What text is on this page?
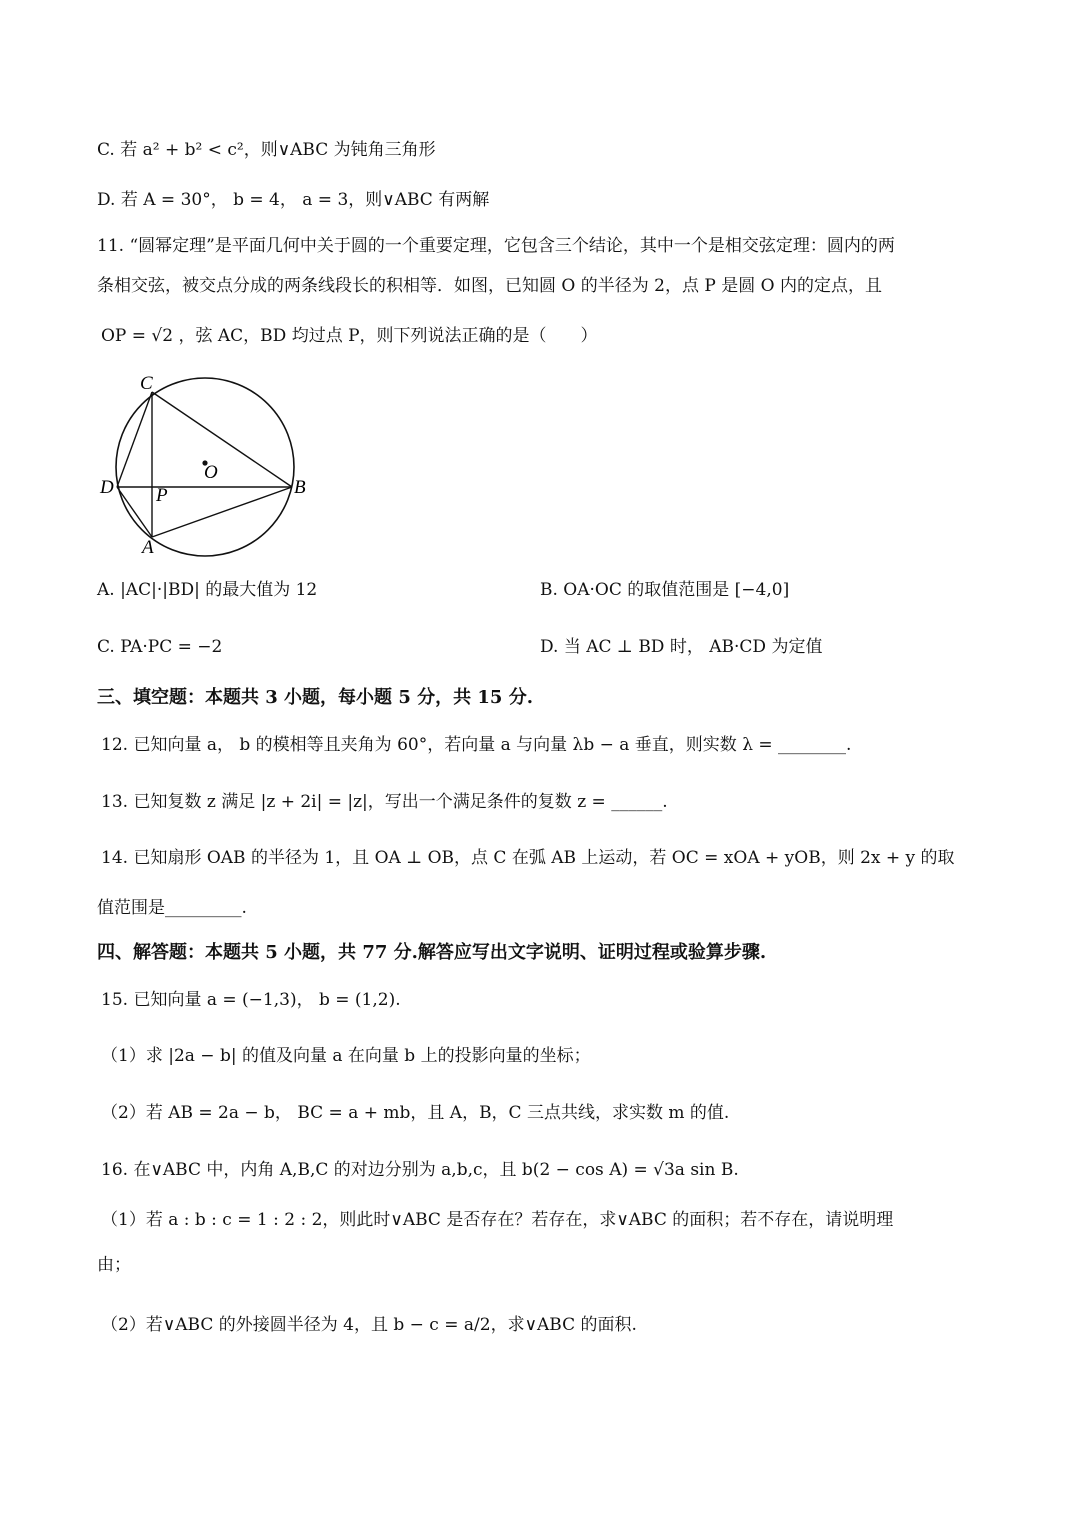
C. 若 a² + b² < c²，则∨ABC 为钝角三角形
D. 若 A = 30°， b = 4， a = 3，则∨ABC 有两解
11. “圆幂定理”是平面几何中关于圆的一个重要定理，它包含三个结论，其中一个是相交弦定理：圆内的两
条相交弦，被交点分成的两条线段长的积相等．如图，已知圆 O 的半径为 2，点 P 是圆 O 内的定点，且
OP = √2 ，弦 AC，BD 均过点 P，则下列说法正确的是（　　）
C
O
D P	B
A
A. |AC|·|BD| 的最大值为 12	B. OA·OC 的取值范围是 [−4,0]
C. PA·PC = −2	D. 当 AC ⊥ BD 时， AB·CD 为定值
三、填空题：本题共 3 小题，每小题 5 分，共 15 分.
12. 已知向量 a， b 的模相等且夹角为 60°，若向量 a 与向量 λb − a 垂直，则实数 λ = ________.
13. 已知复数 z 满足 |z + 2i| = |z|，写出一个满足条件的复数 z = ______.
14. 已知扇形 OAB 的半径为 1，且 OA ⊥ OB，点 C 在弧 AB 上运动，若 OC = xOA + yOB，则 2x + y 的取
值范围是_________.
四、解答题：本题共 5 小题，共 77 分.解答应写出文字说明、证明过程或验算步骤.
15. 已知向量 a = (−1,3)， b = (1,2).
（1）求 |2a − b| 的值及向量 a 在向量 b 上的投影向量的坐标；
（2）若 AB = 2a − b， BC = a + mb，且 A，B，C 三点共线，求实数 m 的值.
16. 在∨ABC 中，内角 A,B,C 的对边分别为 a,b,c，且 b(2 − cos A) = √3a sin B.
（1）若 a : b : c = 1 : 2 : 2，则此时∨ABC 是否存在？若存在，求∨ABC 的面积；若不存在，请说明理
由；
（2）若∨ABC 的外接圆半径为 4，且 b − c = a/2，求∨ABC 的面积.
